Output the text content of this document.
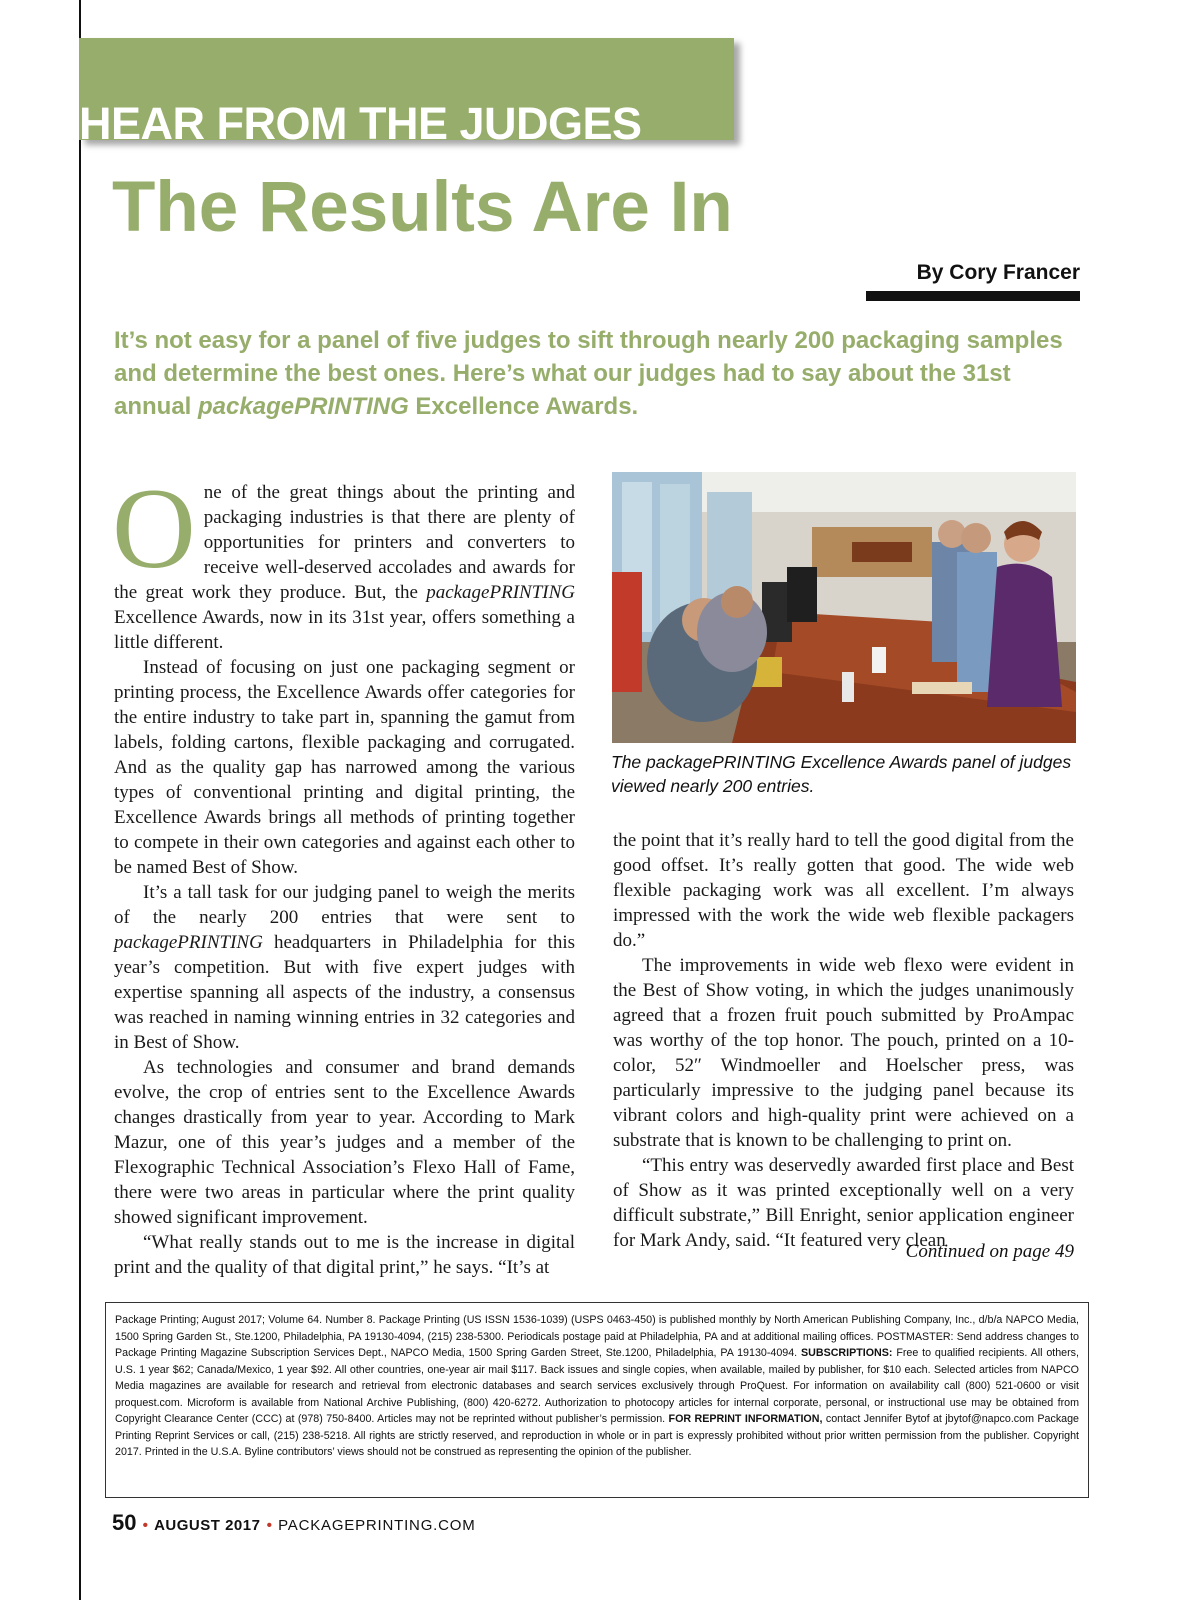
HEAR FROM THE JUDGES
The Results Are In
By Cory Francer
It’s not easy for a panel of five judges to sift through nearly 200 packaging samples and determine the best ones. Here’s what our judges had to say about the 31st annual packagePRINTING Excellence Awards.

One of the great things about the printing and packaging industries is that there are plenty of opportunities for printers and converters to receive well-deserved accolades and awards for the great work they produce. But, the packagePRINTING Excellence Awards, now in its 31st year, offers something a little different.

Instead of focusing on just one packaging segment or printing process, the Excellence Awards offer categories for the entire industry to take part in, spanning the gamut from labels, folding cartons, flexible packaging and corrugated. And as the quality gap has narrowed among the various types of conventional printing and digital printing, the Excellence Awards brings all methods of printing together to compete in their own categories and against each other to be named Best of Show.

It’s a tall task for our judging panel to weigh the merits of the nearly 200 entries that were sent to packagePRINTING headquarters in Philadelphia for this year’s competition. But with five expert judges with expertise spanning all aspects of the industry, a consensus was reached in naming winning entries in 32 categories and in Best of Show.

As technologies and consumer and brand demands evolve, the crop of entries sent to the Excellence Awards changes drastically from year to year. According to Mark Mazur, one of this year’s judges and a member of the Flexographic Technical Association’s Flexo Hall of Fame, there were two areas in particular where the print quality showed significant improvement.

“What really stands out to me is the increase in digital print and the quality of that digital print,” he says. “It’s at

The packagePRINTING Excellence Awards panel of judges viewed nearly 200 entries.

the point that it’s really hard to tell the good digital from the good offset. It’s really gotten that good. The wide web flexible packaging work was all excellent. I’m always impressed with the work the wide web flexible packagers do.”

The improvements in wide web flexo were evident in the Best of Show voting, in which the judges unanimously agreed that a frozen fruit pouch submitted by ProAmpac was worthy of the top honor. The pouch, printed on a 10-color, 52″ Windmoeller and Hoelscher press, was particularly impressive to the judging panel because its vibrant colors and high-quality print were achieved on a substrate that is known to be challenging to print on.

“This entry was deservedly awarded first place and Best of Show as it was printed exceptionally well on a very difficult substrate,” Bill Enright, senior application engineer for Mark Andy, said. “It featured very clean

Continued on page 49
Package Printing; August 2017; Volume 64. Number 8. Package Printing (US ISSN 1536-1039) (USPS 0463-450) is published monthly by North American Publishing Company, Inc., d/b/a NAPCO Media, 1500 Spring Garden St., Ste.1200, Philadelphia, PA 19130-4094, (215) 238-5300. Periodicals postage paid at Philadelphia, PA and at additional mailing offices. POSTMASTER: Send address changes to Package Printing Magazine Subscription Services Dept., NAPCO Media, 1500 Spring Garden Street, Ste.1200, Philadelphia, PA 19130-4094. SUBSCRIPTIONS: Free to qualified recipients. All others, U.S. 1 year $62; Canada/Mexico, 1 year $92. All other countries, one-year air mail $117. Back issues and single copies, when available, mailed by publisher, for $10 each. Selected articles from NAPCO Media magazines are available for research and retrieval from electronic databases and search services exclusively through ProQuest. For information on availability call (800) 521-0600 or visit proquest.com. Microform is available from National Archive Publishing, (800) 420-6272. Authorization to photocopy articles for internal corporate, personal, or instructional use may be obtained from Copyright Clearance Center (CCC) at (978) 750-8400. Articles may not be reprinted without publisher’s permission. FOR REPRINT INFORMATION, contact Jennifer Bytof at jbytof@napco.com Package Printing Reprint Services or call, (215) 238-5218. All rights are strictly reserved, and reproduction in whole or in part is expressly prohibited without prior written permission from the publisher. Copyright 2017. Printed in the U.S.A. Byline contributors’ views should not be construed as representing the opinion of the publisher.
50 • AUGUST 2017 • PACKAGEPRINTING.COM
